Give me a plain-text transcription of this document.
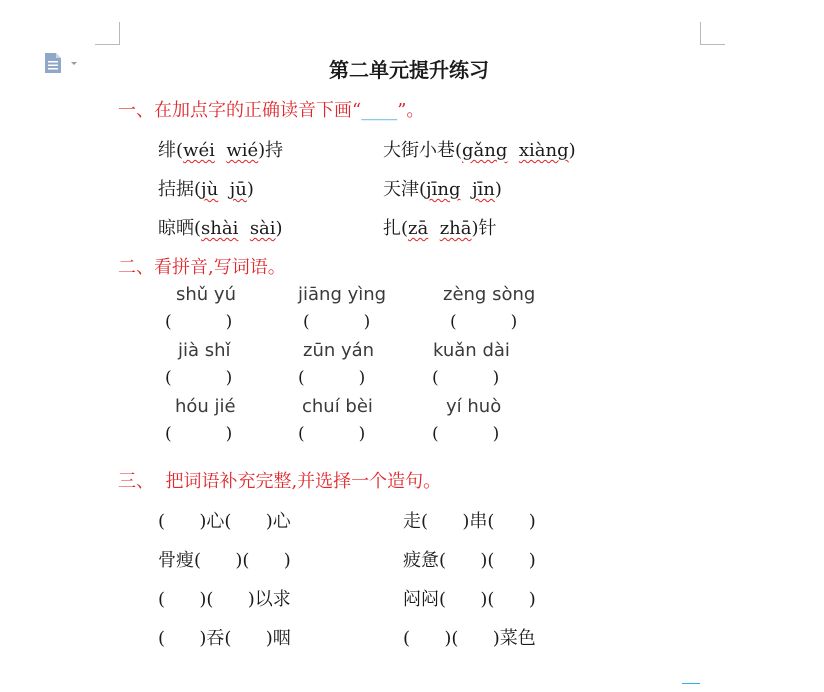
第二单元提升练习
一、在加点字的正确读音下画“____”。
绯(wéi wié)持	大街小巷(gǎng xiàng)
拮据(jù jū)	天津(jīng jīn)
晾晒(shài sài)	扎(zā zhā)针
二、看拼音,写词语。
shǔ yú	jiāng yìng	zèng sòng
(          )	(          )	(          )
jià shǐ	zūn yán	kuǎn dài
(          )	(          )	(          )
hóu jié	chuí bèi	yí huò
(          )	(          )	(          )
三、  把词语补充完整,并选择一个造句。
(      )心(      )心	走(      )串(      )
骨瘦(      )(      )	疲惫(      )(      )
(      )(      )以求	闷闷(      )(      )
(      )吞(      )咽	(      )(      )菜色
